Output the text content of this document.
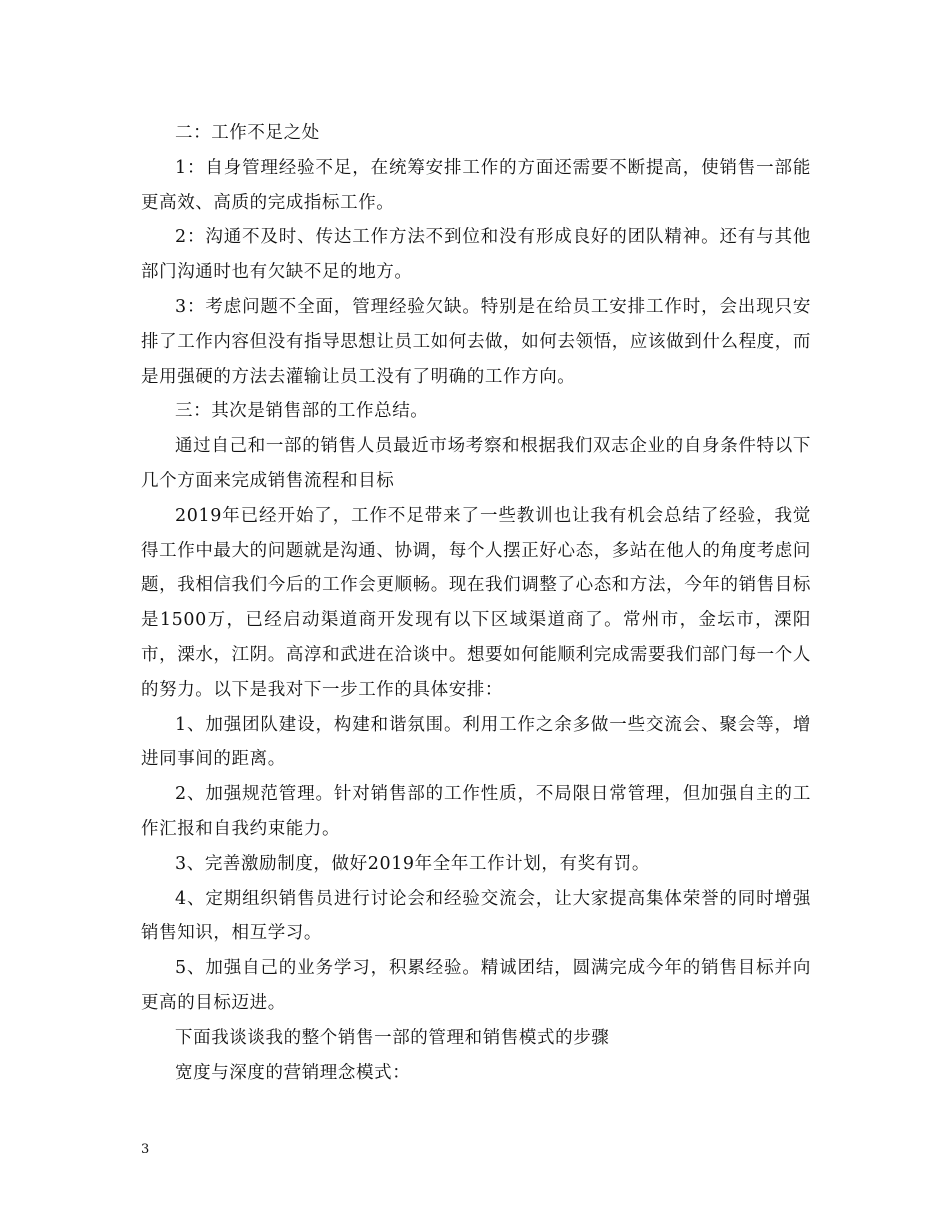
二：工作不足之处

1：自身管理经验不足，在统筹安排工作的方面还需要不断提高，使销售一部能更高效、高质的完成指标工作。

2：沟通不及时、传达工作方法不到位和没有形成良好的团队精神。还有与其他部门沟通时也有欠缺不足的地方。

3：考虑问题不全面，管理经验欠缺。特别是在给员工安排工作时，会出现只安排了工作内容但没有指导思想让员工如何去做，如何去领悟，应该做到什么程度，而是用强硬的方法去灌输让员工没有了明确的工作方向。

三：其次是销售部的工作总结。

通过自己和一部的销售人员最近市场考察和根据我们双志企业的自身条件特以下几个方面来完成销售流程和目标

2019年已经开始了，工作不足带来了一些教训也让我有机会总结了经验，我觉得工作中最大的问题就是沟通、协调，每个人摆正好心态，多站在他人的角度考虑问题，我相信我们今后的工作会更顺畅。现在我们调整了心态和方法，今年的销售目标是1500万，已经启动渠道商开发现有以下区域渠道商了。常州市，金坛市，溧阳市，溧水，江阴。高淳和武进在洽谈中。想要如何能顺利完成需要我们部门每一个人的努力。以下是我对下一步工作的具体安排：

1、加强团队建设，构建和谐氛围。利用工作之余多做一些交流会、聚会等，增进同事间的距离。

2、加强规范管理。针对销售部的工作性质，不局限日常管理，但加强自主的工作汇报和自我约束能力。

3、完善激励制度，做好2019年全年工作计划，有奖有罚。

4、定期组织销售员进行讨论会和经验交流会，让大家提高集体荣誉的同时增强销售知识，相互学习。

5、加强自己的业务学习，积累经验。精诚团结，圆满完成今年的销售目标并向更高的目标迈进。

下面我谈谈我的整个销售一部的管理和销售模式的步骤

宽度与深度的营销理念模式：

3
